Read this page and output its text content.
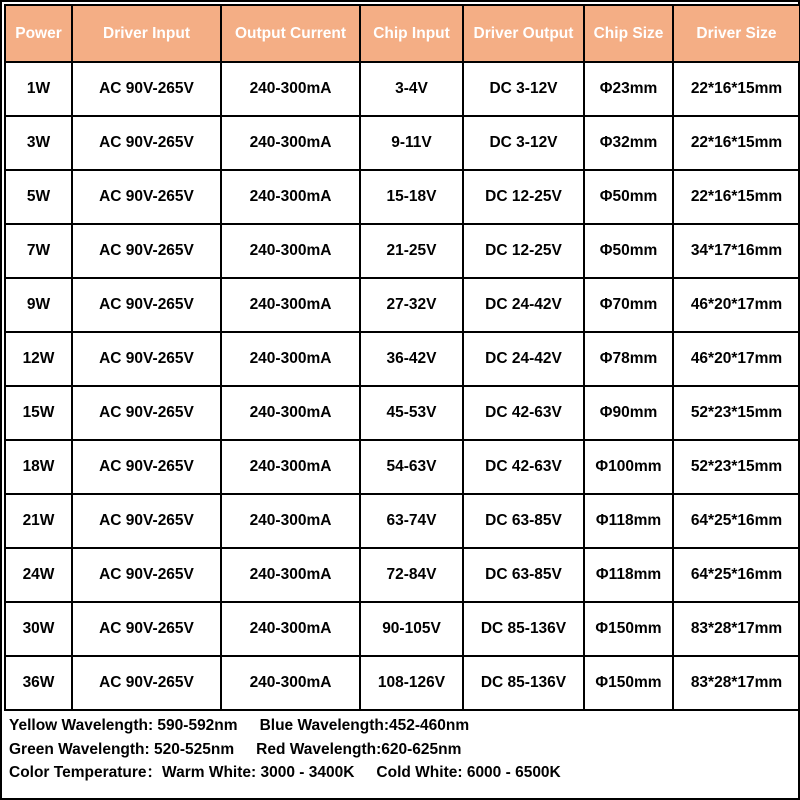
Power	Driver Input	Output Current	Chip Input	Driver Output	Chip Size	Driver Size
1W	AC 90V-265V	240-300mA	3-4V	DC 3-12V	Φ23mm	22*16*15mm
3W	AC 90V-265V	240-300mA	9-11V	DC 3-12V	Φ32mm	22*16*15mm
5W	AC 90V-265V	240-300mA	15-18V	DC 12-25V	Φ50mm	22*16*15mm
7W	AC 90V-265V	240-300mA	21-25V	DC 12-25V	Φ50mm	34*17*16mm
9W	AC 90V-265V	240-300mA	27-32V	DC 24-42V	Φ70mm	46*20*17mm
12W	AC 90V-265V	240-300mA	36-42V	DC 24-42V	Φ78mm	46*20*17mm
15W	AC 90V-265V	240-300mA	45-53V	DC 42-63V	Φ90mm	52*23*15mm
18W	AC 90V-265V	240-300mA	54-63V	DC 42-63V	Φ100mm	52*23*15mm
21W	AC 90V-265V	240-300mA	63-74V	DC 63-85V	Φ118mm	64*25*16mm
24W	AC 90V-265V	240-300mA	72-84V	DC 63-85V	Φ118mm	64*25*16mm
30W	AC 90V-265V	240-300mA	90-105V	DC 85-136V	Φ150mm	83*28*17mm
36W	AC 90V-265V	240-300mA	108-126V	DC 85-136V	Φ150mm	83*28*17mm
Yellow Wavelength: 590-592nm Blue Wavelength:452-460nm
Green Wavelength: 520-525nm Red Wavelength:620-625nm
Color Temperature：Warm White: 3000 - 3400K Cold White: 6000 - 6500K
